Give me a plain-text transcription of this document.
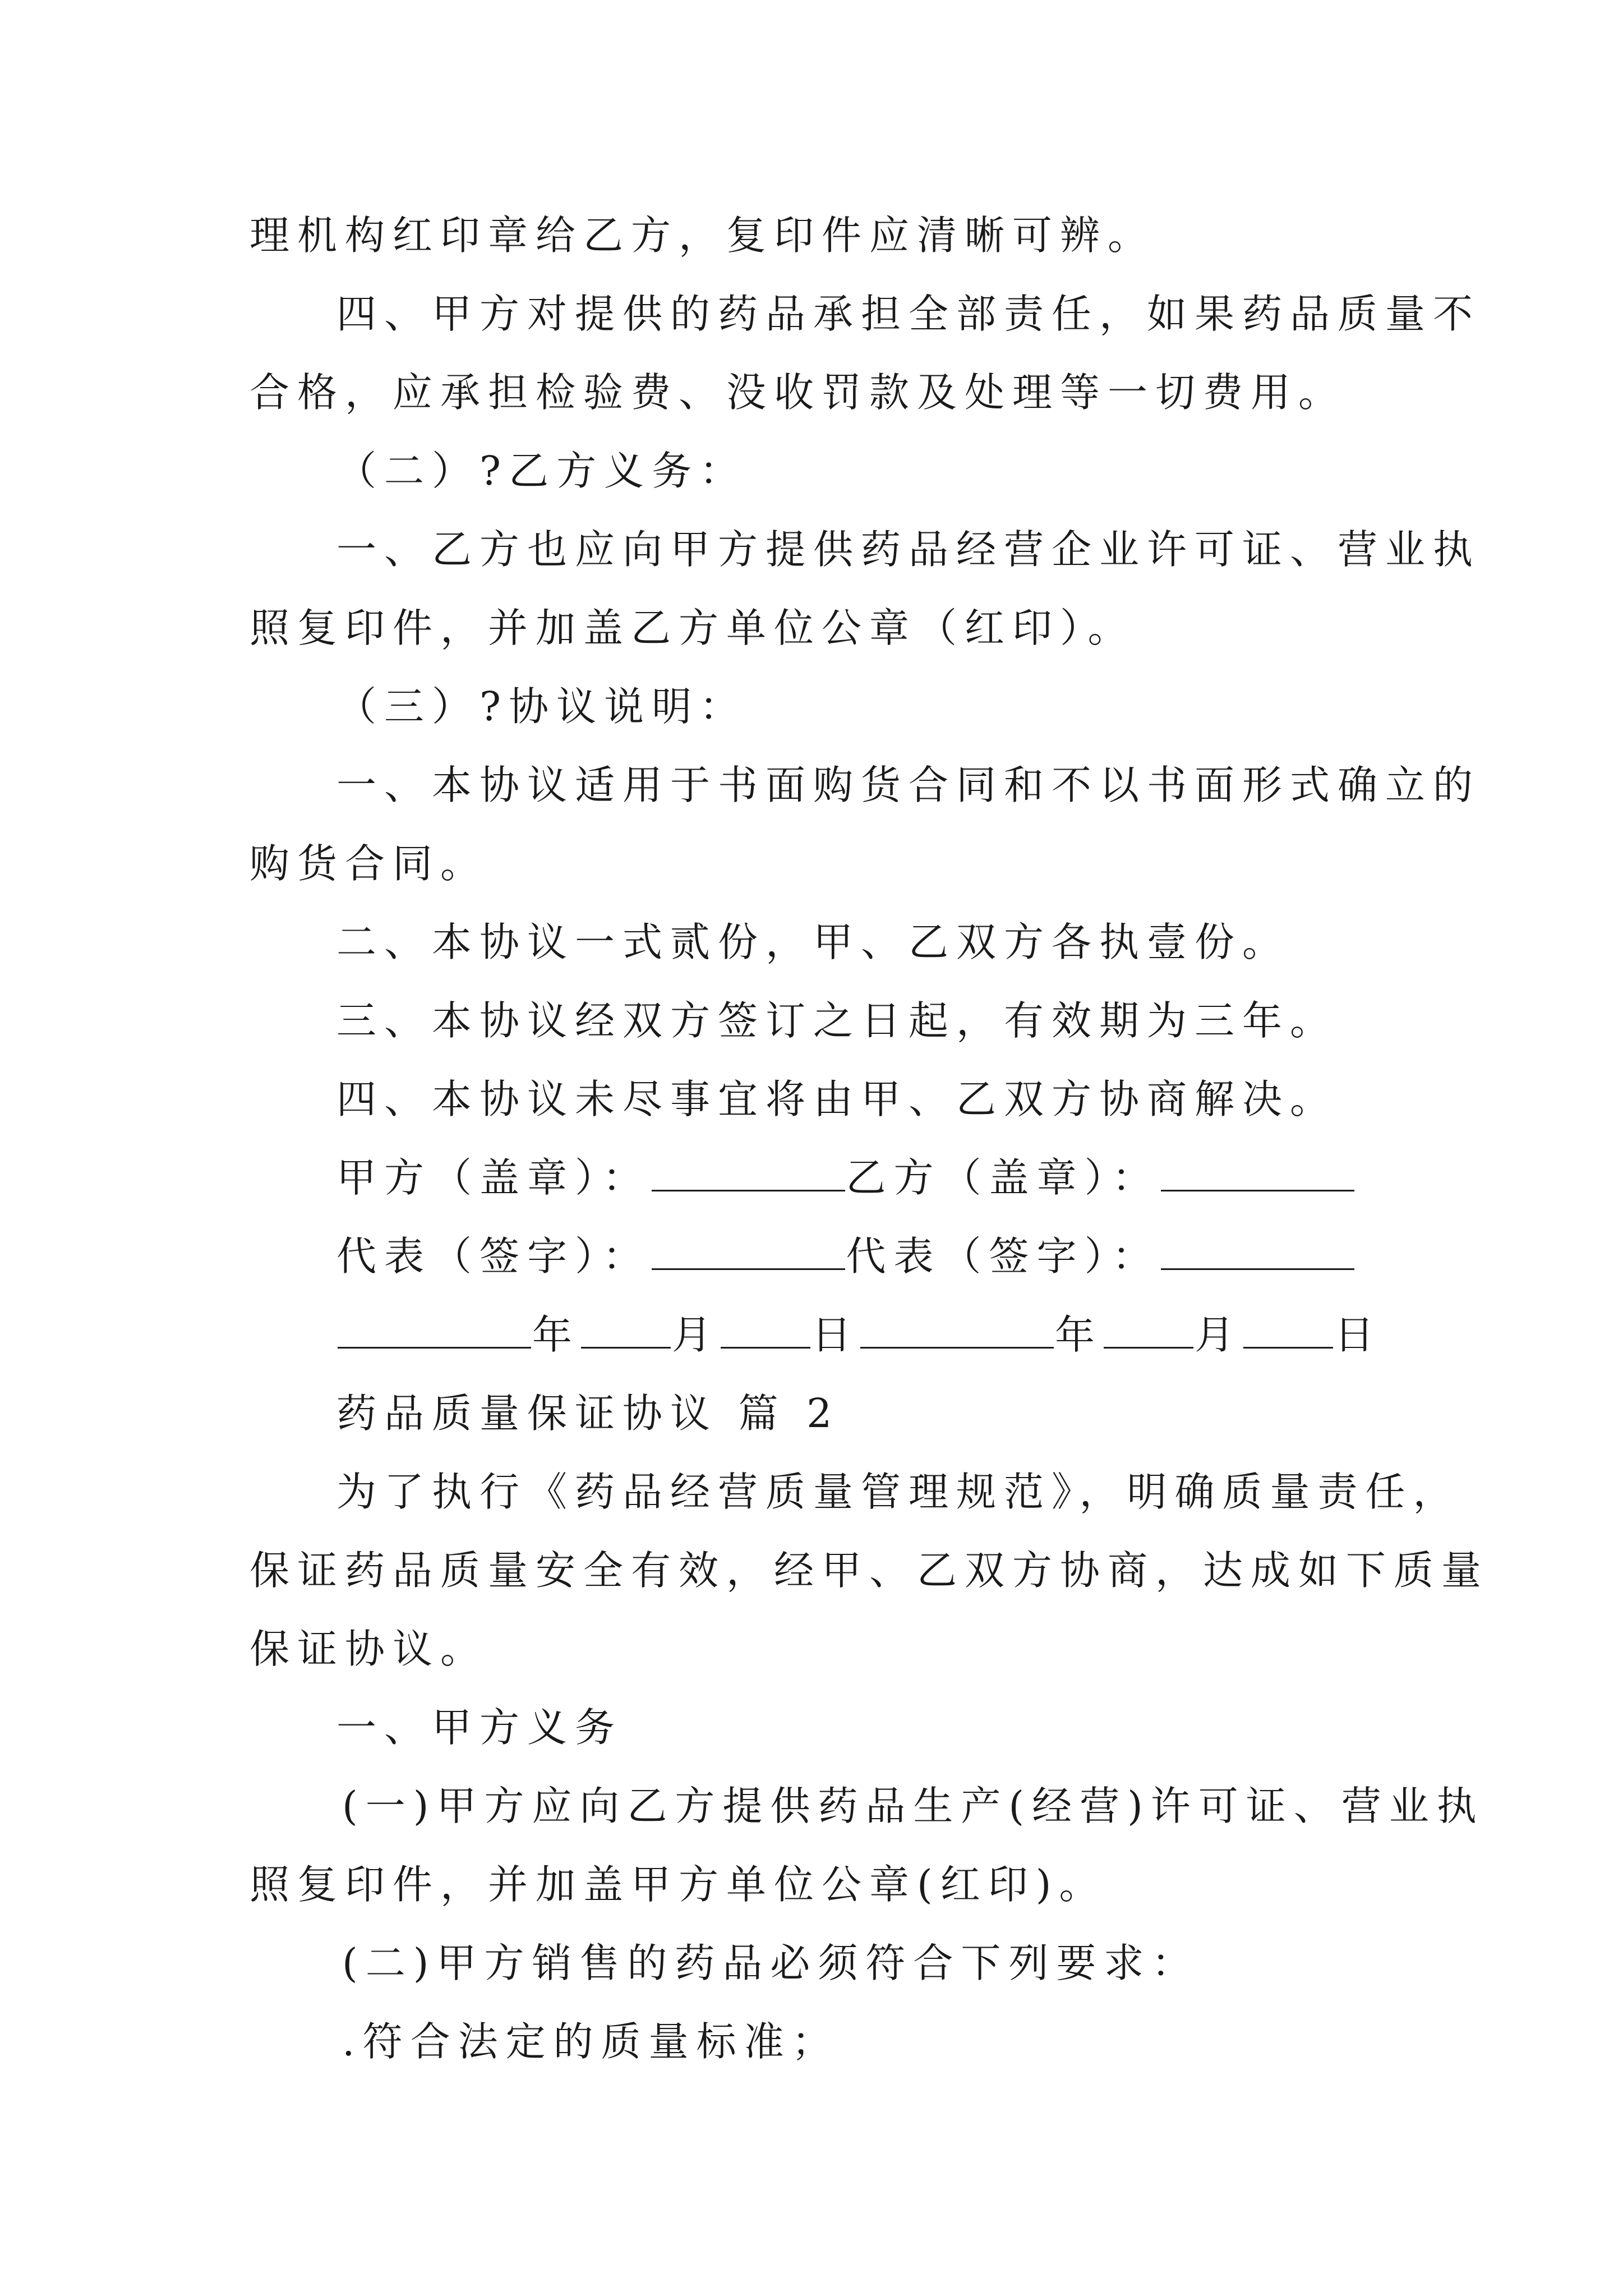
理机构红印章给乙方，复印件应清晰可辨。
四、甲方对提供的药品承担全部责任，如果药品质量不
合格，应承担检验费、没收罚款及处理等一切费用。
（二）?乙方义务：
一、乙方也应向甲方提供药品经营企业许可证、营业执
照复印件，并加盖乙方单位公章（红印）。
（三）?协议说明：
一、本协议适用于书面购货合同和不以书面形式确立的
购货合同。
二、本协议一式贰份，甲、乙双方各执壹份。
三、本协议经双方签订之日起，有效期为三年。
四、本协议未尽事宜将由甲、乙双方协商解决。
甲方（盖章）：	乙方（盖章）：
代表（签字）：	代表（签字）：
年 月 日	年 月 日
药品质量保证协议 篇 2
为了执行《药品经营质量管理规范》，明确质量责任，
保证药品质量安全有效，经甲、乙双方协商，达成如下质量
保证协议。
一、甲方义务
(一)甲方应向乙方提供药品生产(经营)许可证、营业执
照复印件，并加盖甲方单位公章(红印)。
(二)甲方销售的药品必须符合下列要求：
.符合法定的质量标准；
